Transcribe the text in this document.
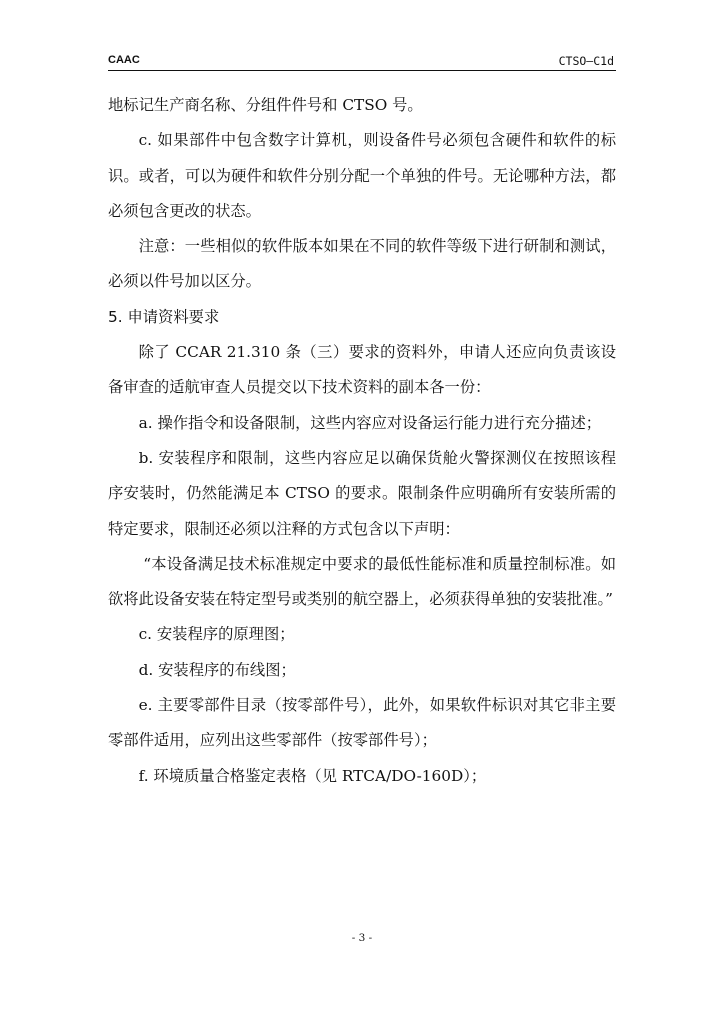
CAAC	CTSO—C1d

地标记生产商名称、分组件件号和 CTSO 号。

c. 如果部件中包含数字计算机，则设备件号必须包含硬件和软件的标识。或者，可以为硬件和软件分别分配一个单独的件号。无论哪种方法，都必须包含更改的状态。

注意：一些相似的软件版本如果在不同的软件等级下进行研制和测试，必须以件号加以区分。

5. 申请资料要求

除了 CCAR 21.310 条（三）要求的资料外，申请人还应向负责该设备审查的适航审查人员提交以下技术资料的副本各一份：

a. 操作指令和设备限制，这些内容应对设备运行能力进行充分描述；

b. 安装程序和限制，这些内容应足以确保货舱火警探测仪在按照该程序安装时，仍然能满足本 CTSO 的要求。限制条件应明确所有安装所需的特定要求，限制还必须以注释的方式包含以下声明：

“本设备满足技术标准规定中要求的最低性能标准和质量控制标准。如欲将此设备安装在特定型号或类别的航空器上，必须获得单独的安装批准。”

c. 安装程序的原理图；

d. 安装程序的布线图；

e. 主要零部件目录（按零部件号），此外，如果软件标识对其它非主要零部件适用，应列出这些零部件（按零部件号）；

f. 环境质量合格鉴定表格（见 RTCA/DO-160D）；

- 3 -
